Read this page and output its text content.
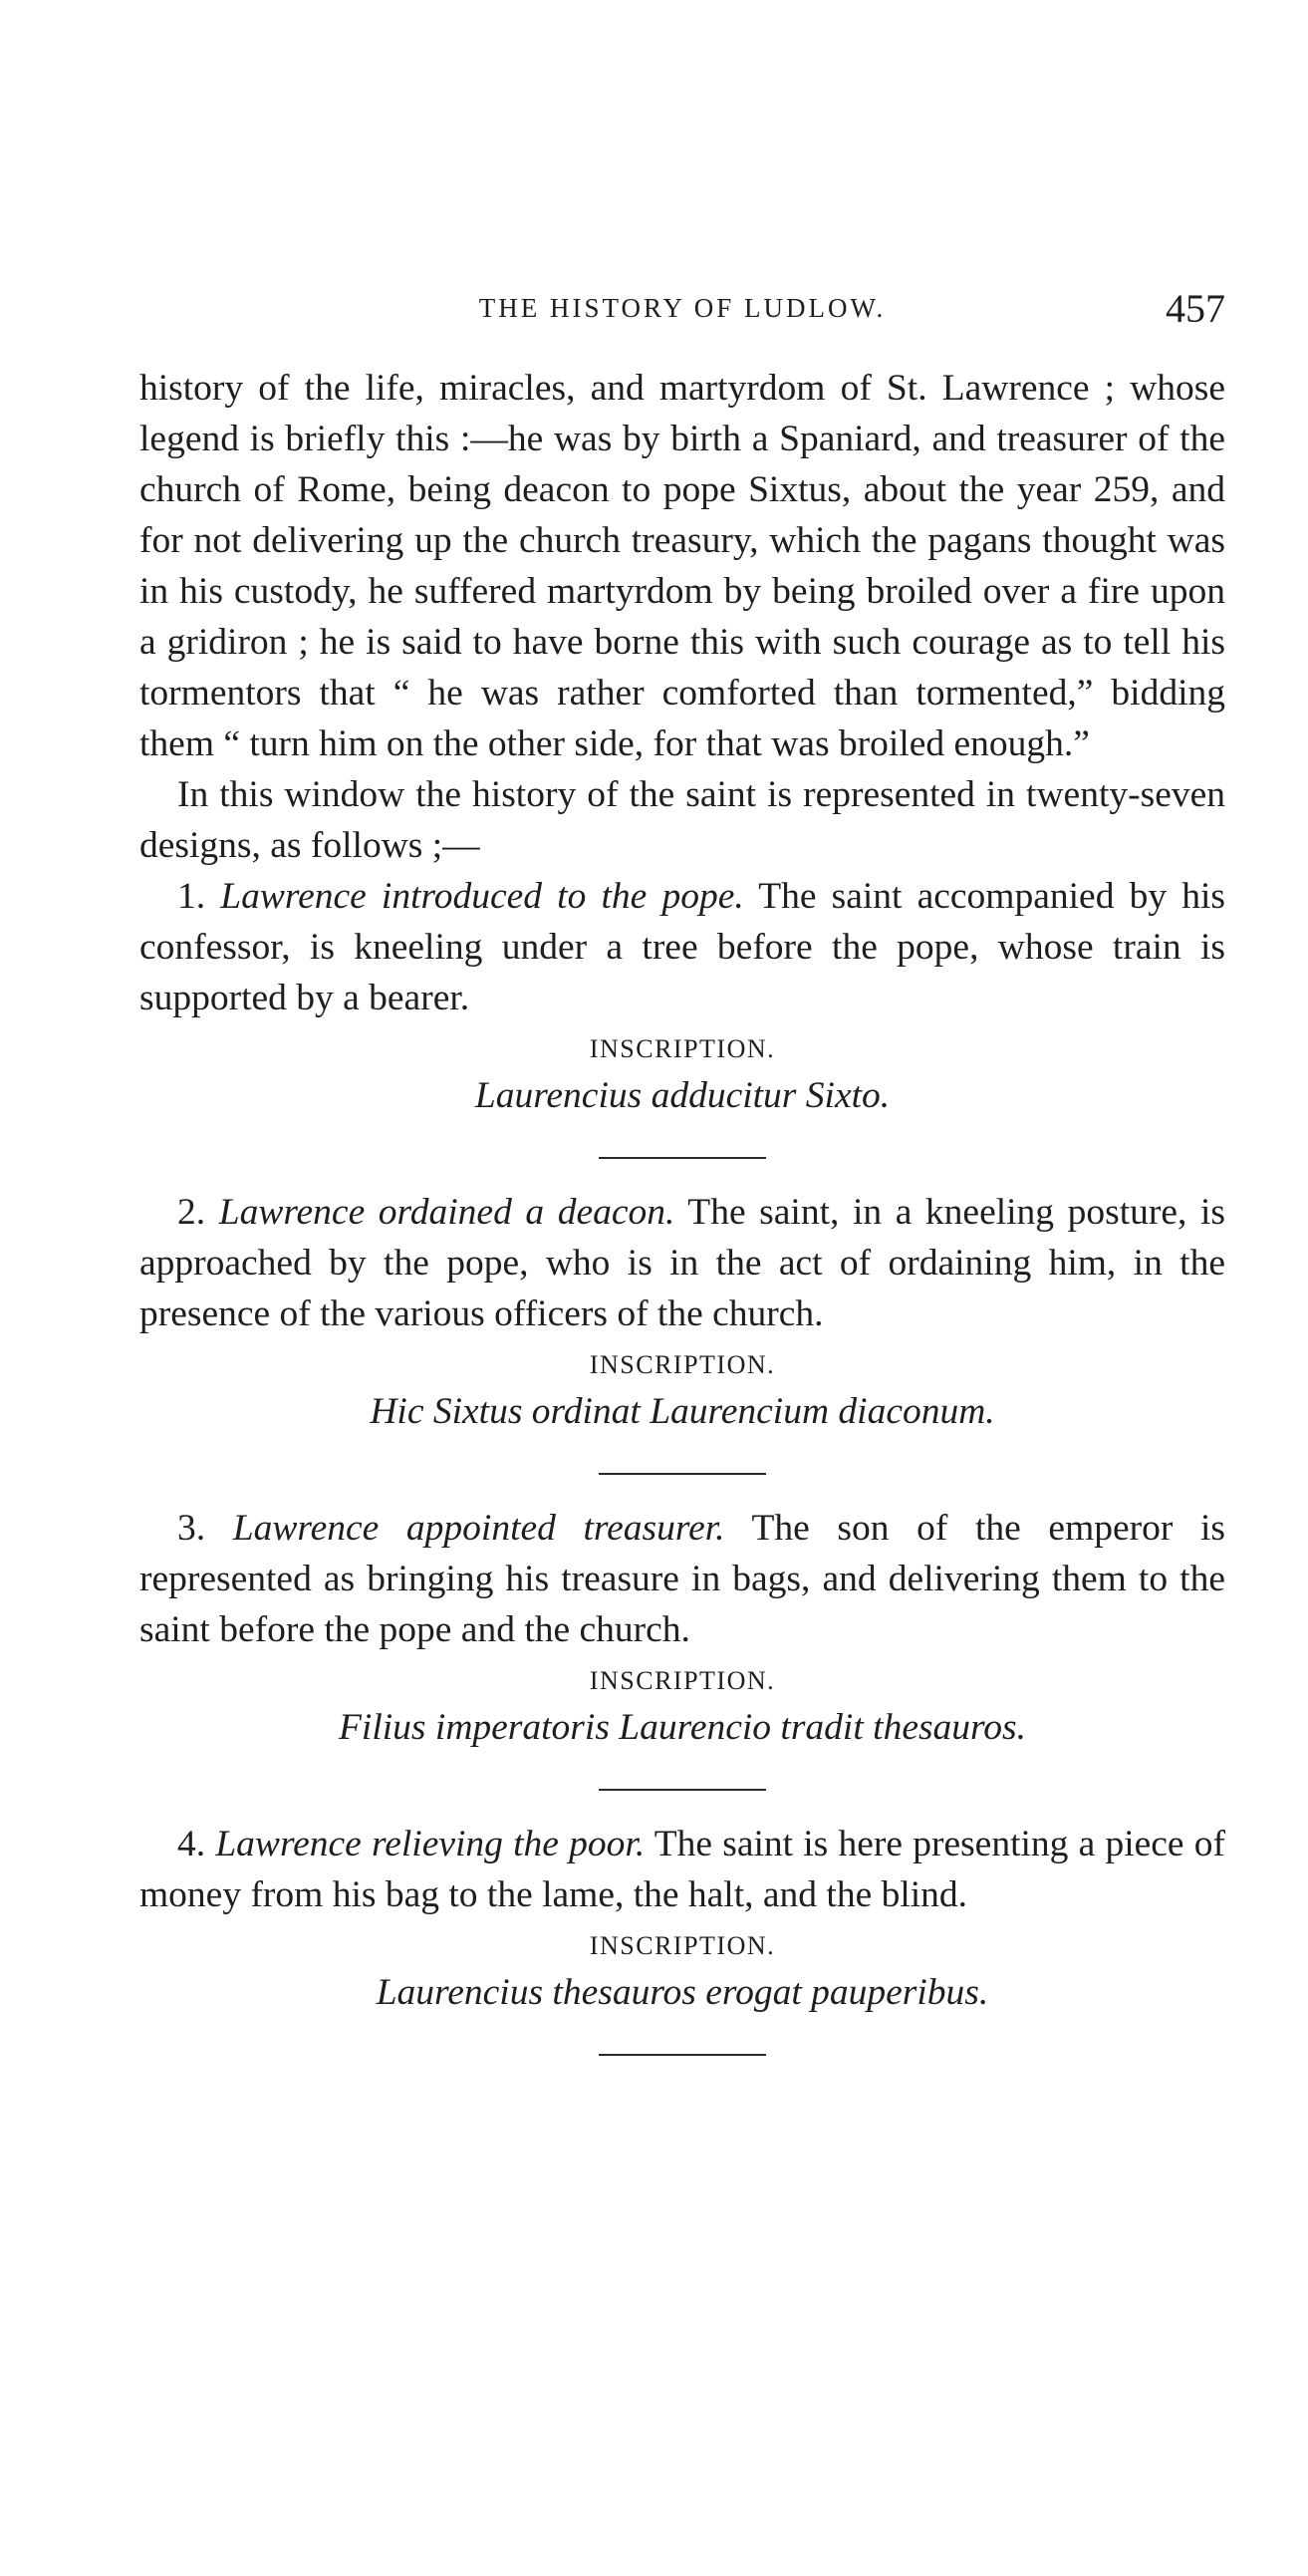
THE HISTORY OF LUDLOW.	457

history of the life, miracles, and martyrdom of St. Lawrence ; whose legend is briefly this :—he was by birth a Spaniard, and treasurer of the church of Rome, being deacon to pope Sixtus, about the year 259, and for not delivering up the church treasury, which the pagans thought was in his custody, he suffered martyrdom by being broiled over a fire upon a gridiron ; he is said to have borne this with such courage as to tell his tormentors that “ he was rather comforted than tormented,” bidding them “ turn him on the other side, for that was broiled enough.”

In this window the history of the saint is represented in twenty-seven designs, as follows ;—

1. Lawrence introduced to the pope. The saint accompanied by his confessor, is kneeling under a tree before the pope, whose train is supported by a bearer.

INSCRIPTION.
Laurencius adducitur Sixto.

2. Lawrence ordained a deacon. The saint, in a kneeling posture, is approached by the pope, who is in the act of ordaining him, in the presence of the various officers of the church.

INSCRIPTION.
Hic Sixtus ordinat Laurencium diaconum.

3. Lawrence appointed treasurer. The son of the emperor is represented as bringing his treasure in bags, and delivering them to the saint before the pope and the church.

INSCRIPTION.
Filius imperatoris Laurencio tradit thesauros.

4. Lawrence relieving the poor. The saint is here presenting a piece of money from his bag to the lame, the halt, and the blind.

INSCRIPTION.
Laurencius thesauros erogat pauperibus.
